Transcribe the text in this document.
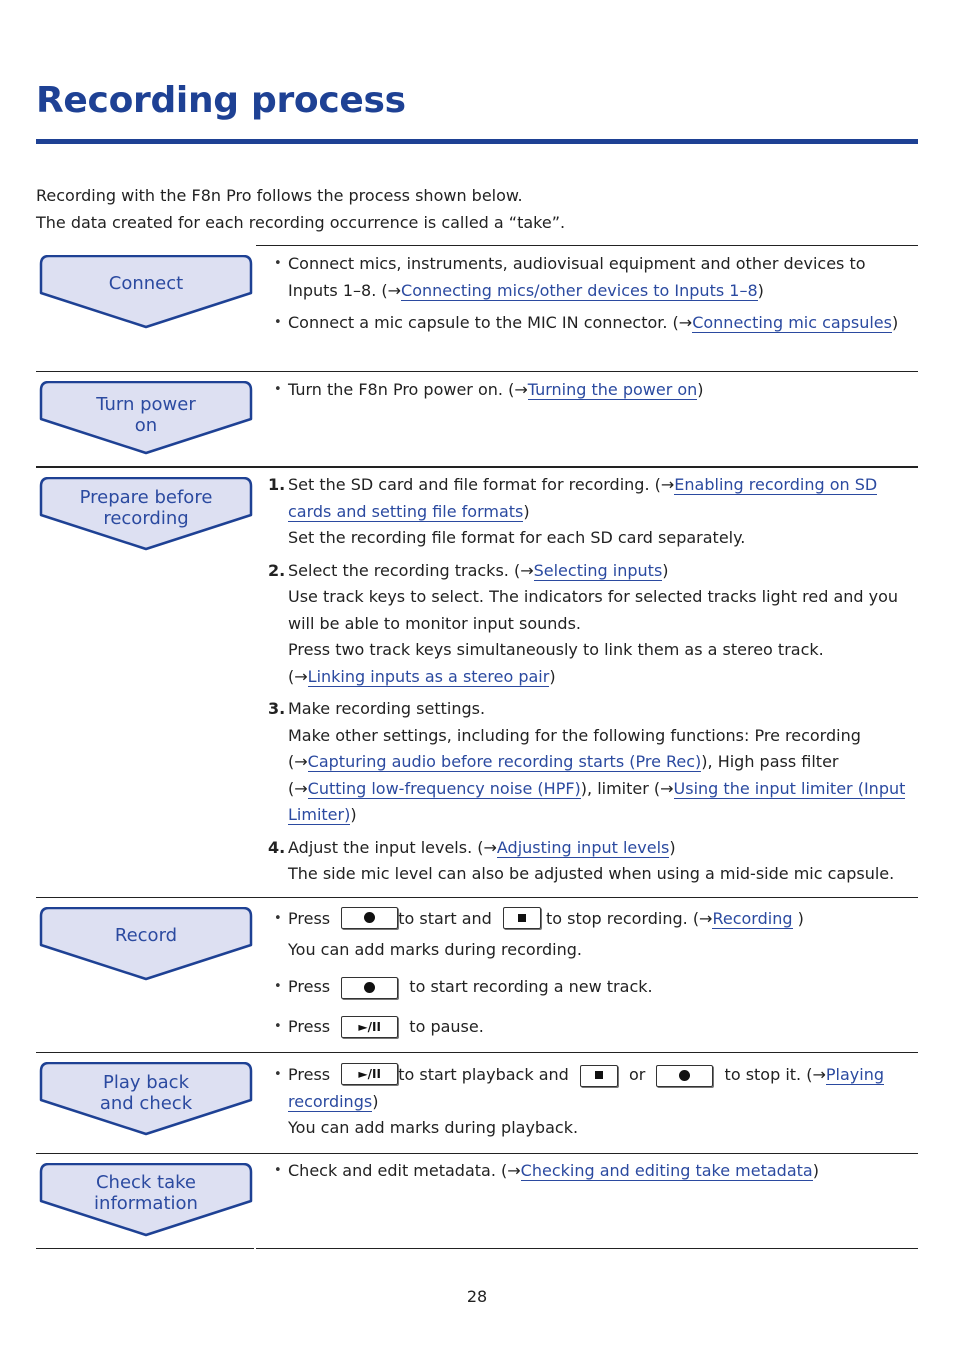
Recording process

Recording with the F8n Pro follows the process shown below.

The data created for each recording occurrence is called a “take”.

Connect
• Connect mics, instruments, audiovisual equipment and other devices to Inputs 1–8. (→Connecting mics/other devices to Inputs 1–8)
• Connect a mic capsule to the MIC IN connector. (→Connecting mic capsules)
Turn power
on
• Turn the F8n Pro power on. (→Turning the power on)
Prepare before
recording
1. Set the SD card and file format for recording. (→Enabling recording on SD cards and setting file formats)
Set the recording file format for each SD card separately.
2. Select the recording tracks. (→Selecting inputs)
Use track keys to select. The indicators for selected tracks light red and you will be able to monitor input sounds.
Press two track keys simultaneously to link them as a stereo track.
(→Linking inputs as a stereo pair)
3. Make recording settings.
Make other settings, including for the following functions: Pre recording (→Capturing audio before recording starts (Pre Rec)), High pass filter (→Cutting low-frequency noise (HPF)), limiter (→Using the input limiter (Input Limiter))
4. Adjust the input levels. (→Adjusting input levels)
The side mic level can also be adjusted when using a mid-side mic capsule.
Record
• Press	to start and	to stop recording. (→Recording )
You can add marks during recording.
• Press	to start recording a new track.
• Press ►/II to pause.
Play back
and check
• Press ►/II to start playback and	or	to stop it. (→Playing recordings)
You can add marks during playback.
Check take
information
• Check and edit metadata. (→Checking and editing take metadata)
28
